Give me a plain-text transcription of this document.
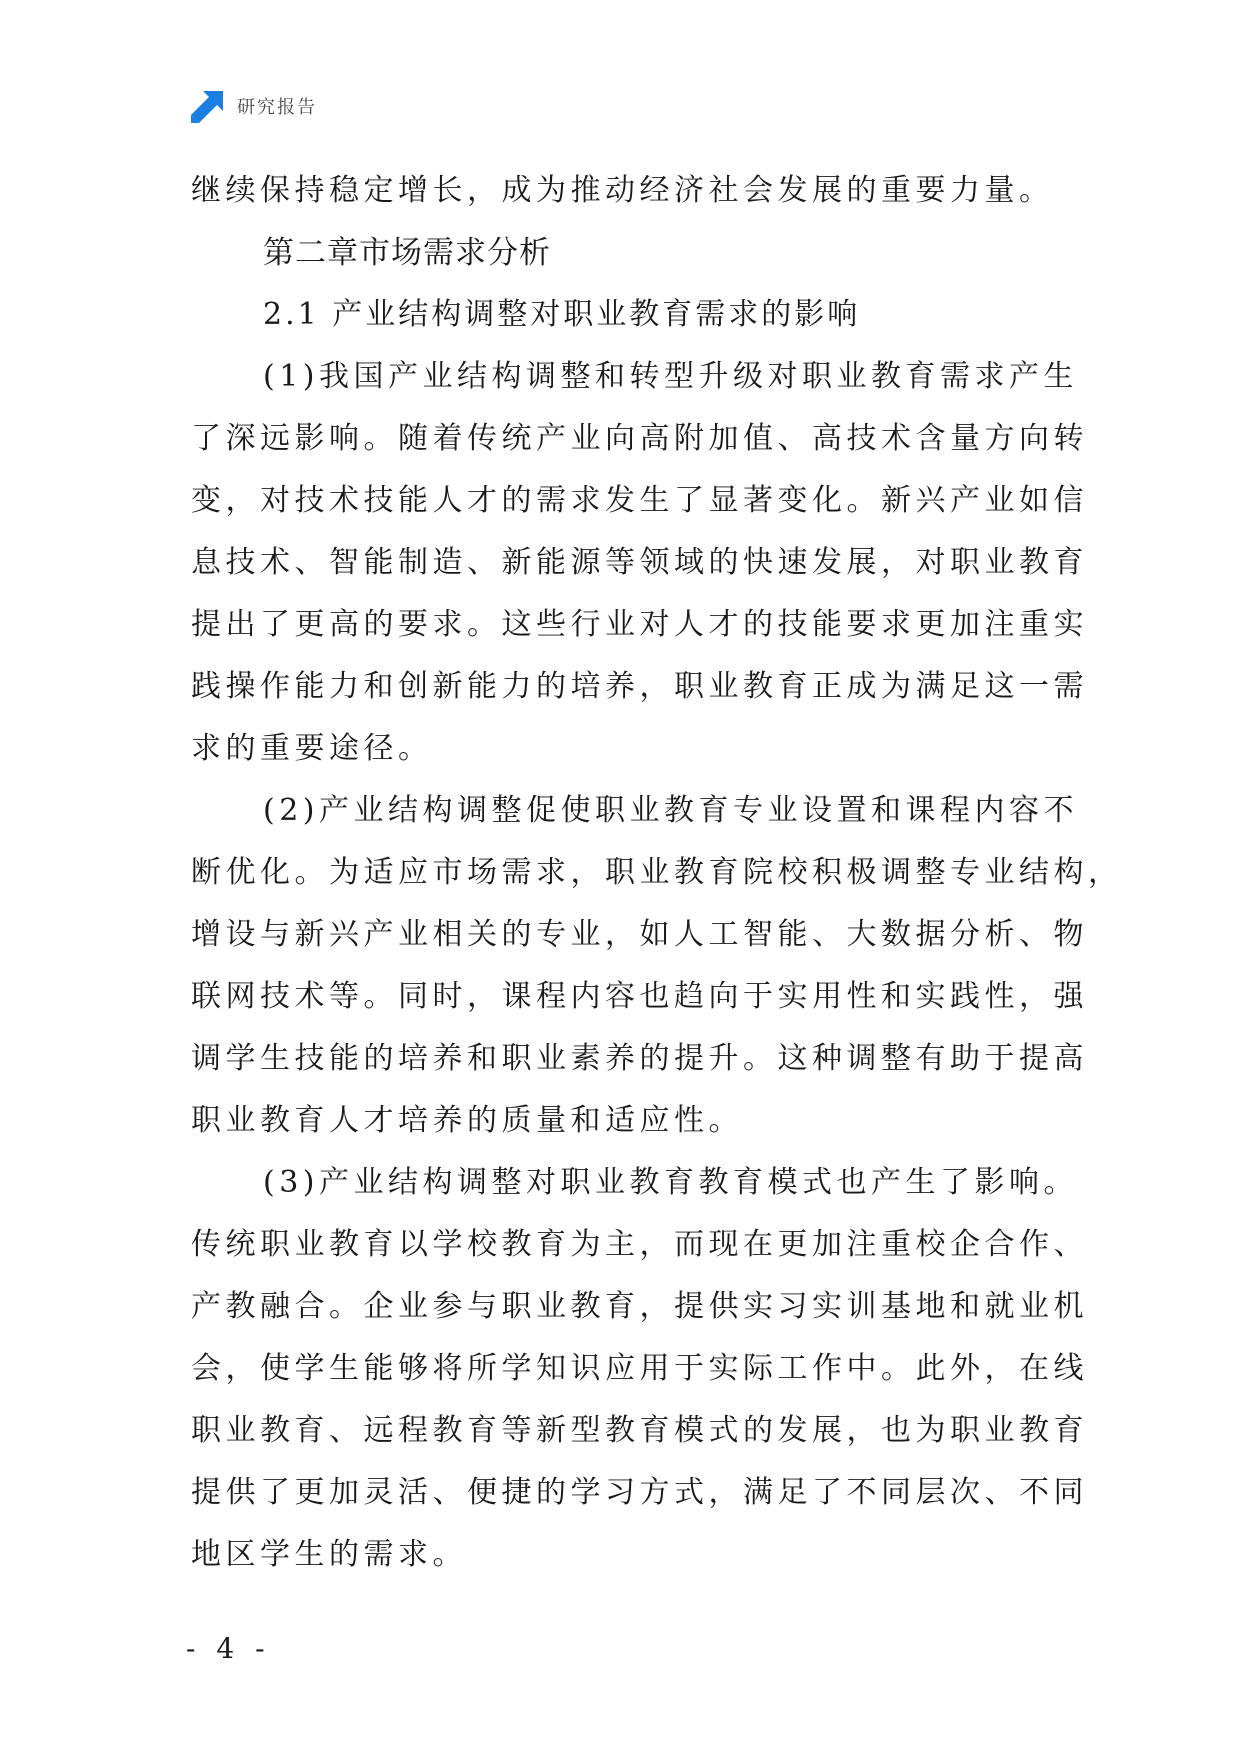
研究报告

继续保持稳定增长，成为推动经济社会发展的重要力量。

第二章市场需求分析
2.1 产业结构调整对职业教育需求的影响

(1)我国产业结构调整和转型升级对职业教育需求产生

了深远影响。随着传统产业向高附加值、高技术含量方向转

变，对技术技能人才的需求发生了显著变化。新兴产业如信

息技术、智能制造、新能源等领域的快速发展，对职业教育

提出了更高的要求。这些行业对人才的技能要求更加注重实

践操作能力和创新能力的培养，职业教育正成为满足这一需

求的重要途径。

(2)产业结构调整促使职业教育专业设置和课程内容不

断优化。为适应市场需求，职业教育院校积极调整专业结构，

增设与新兴产业相关的专业，如人工智能、大数据分析、物

联网技术等。同时，课程内容也趋向于实用性和实践性，强

调学生技能的培养和职业素养的提升。这种调整有助于提高

职业教育人才培养的质量和适应性。

(3)产业结构调整对职业教育教育模式也产生了影响。

传统职业教育以学校教育为主，而现在更加注重校企合作、

产教融合。企业参与职业教育，提供实习实训基地和就业机

会，使学生能够将所学知识应用于实际工作中。此外，在线

职业教育、远程教育等新型教育模式的发展，也为职业教育

提供了更加灵活、便捷的学习方式，满足了不同层次、不同

地区学生的需求。

- 4 -
